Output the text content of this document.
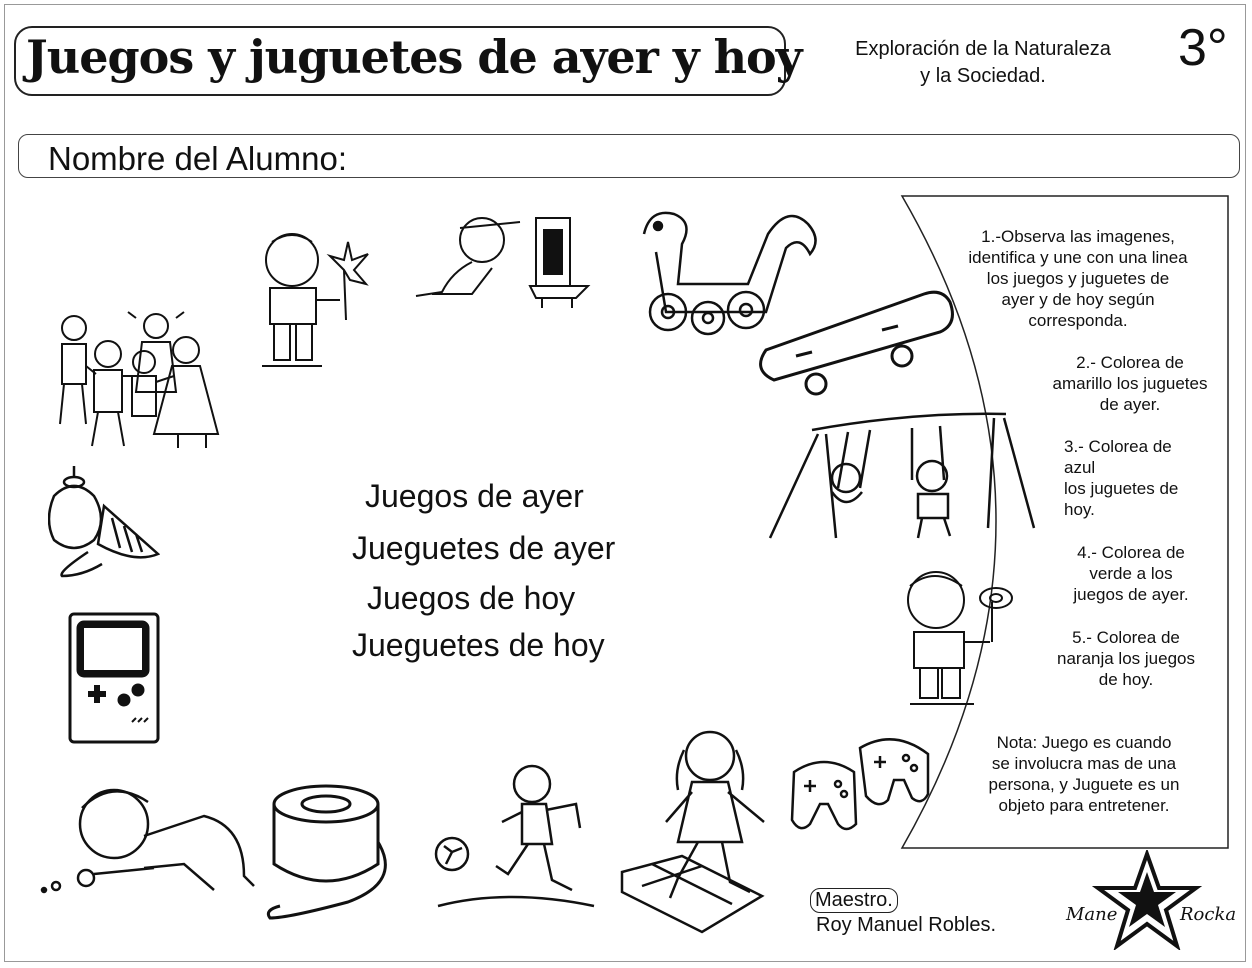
Juegos y juguetes de ayer y hoy	Exploración de la Naturaleza
y la Sociedad.	3°
Nombre del Alumno:
1.-Observa las imagenes,
identifica y une con una linea
los juegos y juguetes de
ayer y de hoy según
corresponda.
2.- Colorea de
amarillo los juguetes
de ayer.
3.- Colorea de
azul
los juguetes de
hoy.
4.- Colorea de
verde a los
juegos de ayer.
5.- Colorea de
naranja los juegos
de hoy.
Nota: Juego es cuando
se involucra mas de una
persona, y Juguete es un
objeto para entretener.
Juegos de ayer
Jueguetes de ayer
Juegos de hoy
Jueguetes de hoy
Maestro.
Roy Manuel Robles.	Mane	Rocka
